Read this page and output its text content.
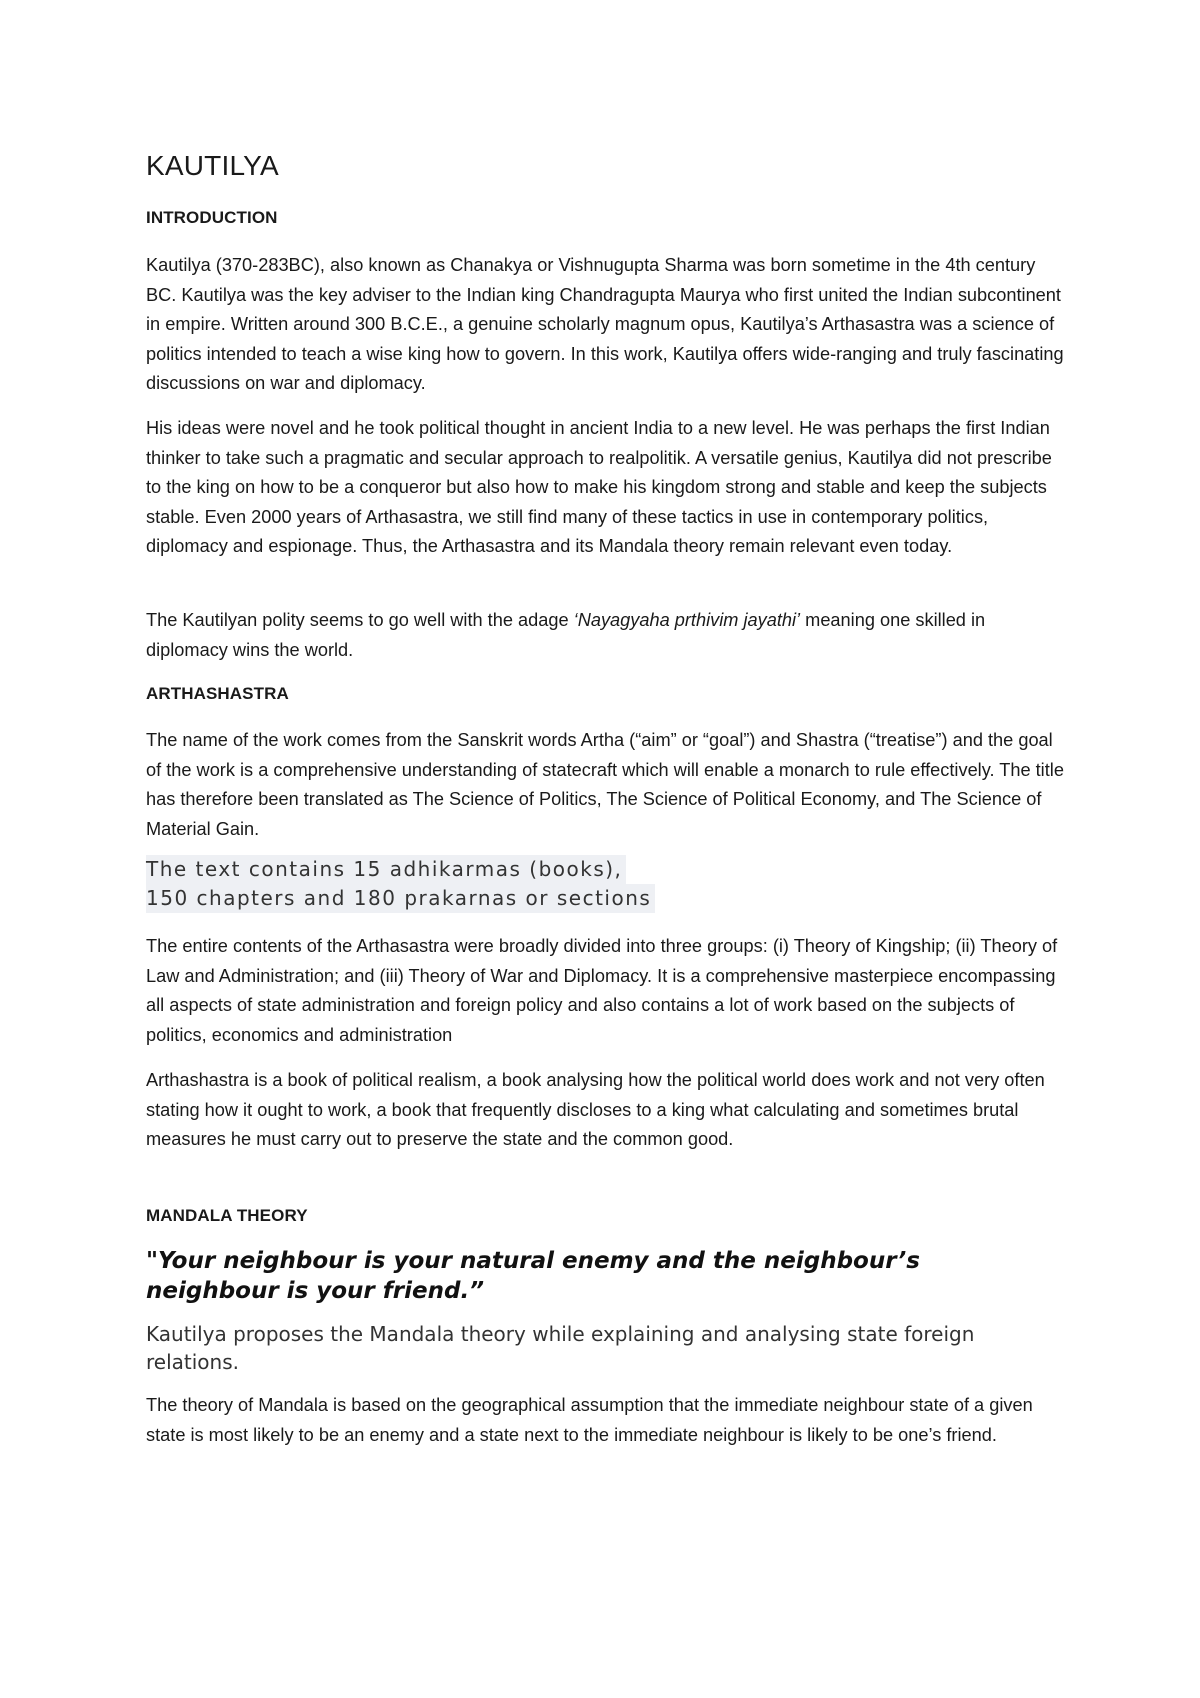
KAUTILYA
INTRODUCTION

Kautilya (370-283BC), also known as Chanakya or Vishnugupta Sharma was born sometime in the 4th century BC. Kautilya was the key adviser to the Indian king Chandragupta Maurya who first united the Indian subcontinent in empire. Written around 300 B.C.E., a genuine scholarly magnum opus, Kautilya’s Arthasastra was a science of politics intended to teach a wise king how to govern. In this work, Kautilya offers wide-ranging and truly fascinating discussions on war and diplomacy.

His ideas were novel and he took political thought in ancient India to a new level. He was perhaps the first Indian thinker to take such a pragmatic and secular approach to realpolitik. A versatile genius, Kautilya did not prescribe to the king on how to be a conqueror but also how to make his kingdom strong and stable and keep the subjects stable. Even 2000 years of Arthasastra, we still find many of these tactics in use in contemporary politics, diplomacy and espionage. Thus, the Arthasastra and its Mandala theory remain relevant even today.

The Kautilyan polity seems to go well with the adage ‘Nayagyaha prthivim jayathi’ meaning one skilled in diplomacy wins the world.

ARTHASHASTRA

The name of the work comes from the Sanskrit words Artha (“aim” or “goal”) and Shastra (“treatise”) and the goal of the work is a comprehensive understanding of statecraft which will enable a monarch to rule effectively. The title has therefore been translated as The Science of Politics, The Science of Political Economy, and The Science of Material Gain.

The text contains 15 adhikarmas (books),
150 chapters and 180 prakarnas or sections

The entire contents of the Arthasastra were broadly divided into three groups: (i) Theory of Kingship; (ii) Theory of Law and Administration; and (iii) Theory of War and Diplomacy. It is a comprehensive masterpiece encompassing all aspects of state administration and foreign policy and also contains a lot of work based on the subjects of politics, economics and administration

Arthashastra is a book of political realism, a book analysing how the political world does work and not very often stating how it ought to work, a book that frequently discloses to a king what calculating and sometimes brutal measures he must carry out to preserve the state and the common good.

MANDALA THEORY

"Your neighbour is your natural enemy and the neighbour’s neighbour is your friend.”

Kautilya proposes the Mandala theory while explaining and analysing state foreign relations.

The theory of Mandala is based on the geographical assumption that the immediate neighbour state of a given state is most likely to be an enemy and a state next to the immediate neighbour is likely to be one’s friend.
